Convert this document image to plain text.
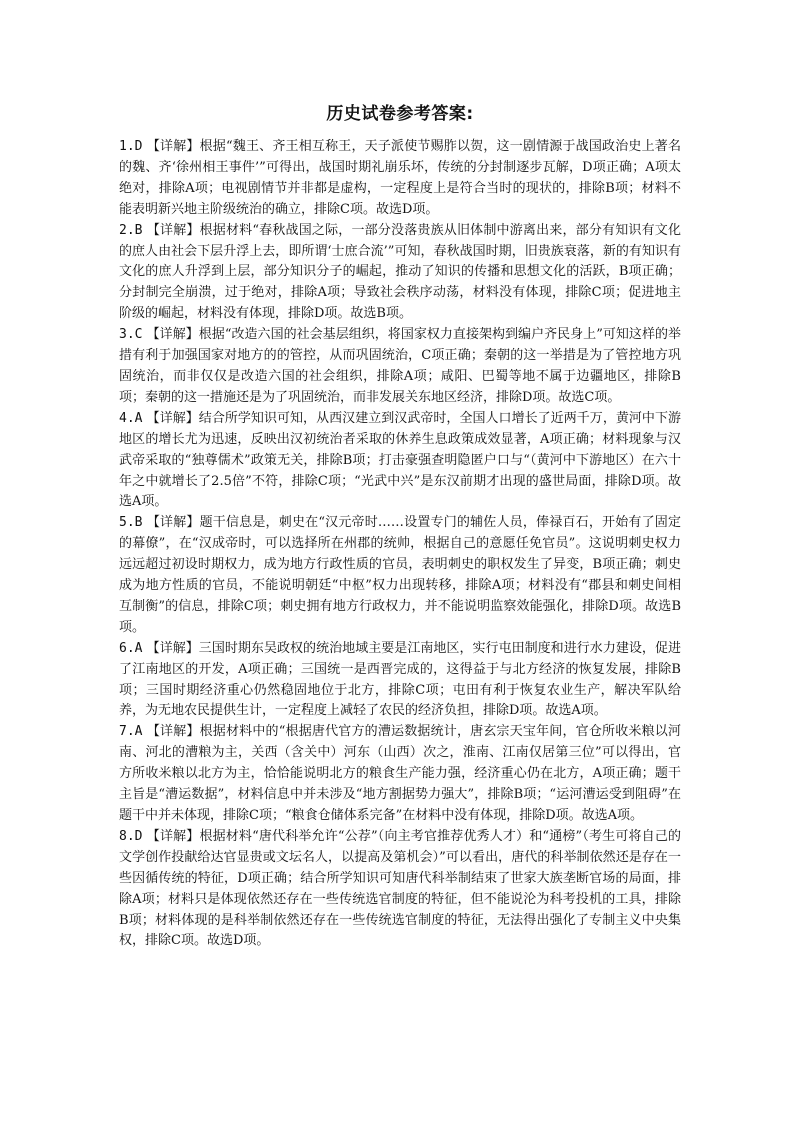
历史试卷参考答案:

1.D 【详解】根据“魏王、齐王相互称王，天子派使节赐胙以贺，这一剧情源于战国政治史上著名的魏、齐‘徐州相王事件’”可得出，战国时期礼崩乐坏，传统的分封制逐步瓦解，D项正确；A项太绝对，排除A项；电视剧情节并非都是虚构，一定程度上是符合当时的现状的，排除B项；材料不能表明新兴地主阶级统治的确立，排除C项。故选D项。

2.B 【详解】根据材料“春秋战国之际，一部分没落贵族从旧体制中游离出来，部分有知识有文化的庶人由社会下层升浮上去，即所谓‘士庶合流’”可知，春秋战国时期，旧贵族衰落，新的有知识有文化的庶人升浮到上层，部分知识分子的崛起，推动了知识的传播和思想文化的活跃，B项正确；分封制完全崩溃，过于绝对，排除A项；导致社会秩序动荡，材料没有体现，排除C项；促进地主阶级的崛起，材料没有体现，排除D项。故选B项。

3.C 【详解】根据“改造六国的社会基层组织，将国家权力直接架构到编户齐民身上”可知这样的举措有利于加强国家对地方的的管控，从而巩固统治，C项正确；秦朝的这一举措是为了管控地方巩固统治，而非仅仅是改造六国的社会组织，排除A项；咸阳、巴蜀等地不属于边疆地区，排除B项；秦朝的这一措施还是为了巩固统治，而非发展关东地区经济，排除D项。故选C项。

4.A 【详解】结合所学知识可知，从西汉建立到汉武帝时，全国人口增长了近两千万，黄河中下游地区的增长尤为迅速，反映出汉初统治者采取的休养生息政策成效显著，A项正确；材料现象与汉武帝采取的“独尊儒术”政策无关，排除B项；打击豪强查明隐匿户口与“（黄河中下游地区）在六十年之中就增长了2.5倍”不符，排除C项；“光武中兴”是东汉前期才出现的盛世局面，排除D项。故选A项。

5.B 【详解】题干信息是，刺史在“汉元帝时……设置专门的辅佐人员，俸禄百石，开始有了固定的幕僚”，在“汉成帝时，可以选择所在州郡的统帅，根据自己的意愿任免官员”。这说明刺史权力远远超过初设时期权力，成为地方行政性质的官员，表明刺史的职权发生了异变，B项正确；刺史成为地方性质的官员，不能说明朝廷“中枢”权力出现转移，排除A项；材料没有“郡县和刺史间相互制衡”的信息，排除C项；刺史拥有地方行政权力，并不能说明监察效能强化，排除D项。故选B项。

6.A 【详解】三国时期东吴政权的统治地域主要是江南地区，实行屯田制度和进行水力建设，促进了江南地区的开发，A项正确；三国统一是西晋完成的，这得益于与北方经济的恢复发展，排除B项；三国时期经济重心仍然稳固地位于北方，排除C项；屯田有利于恢复农业生产，解决军队给养，为无地农民提供生计，一定程度上减轻了农民的经济负担，排除D项。故选A项。

7.A 【详解】根据材料中的“根据唐代官方的漕运数据统计，唐玄宗天宝年间，官仓所收米粮以河南、河北的漕粮为主，关西（含关中）河东（山西）次之，淮南、江南仅居第三位”可以得出，官方所收米粮以北方为主，恰恰能说明北方的粮食生产能力强，经济重心仍在北方，A项正确；题干主旨是“漕运数据”，材料信息中并未涉及“地方割据势力强大”，排除B项；“运河漕运受到阻碍”在题干中并未体现，排除C项；“粮食仓储体系完备”在材料中没有体现，排除D项。故选A项。

8.D 【详解】根据材料“唐代科举允许“公荐”（向主考官推荐优秀人才）和“通榜”（考生可将自己的文学创作投献给达官显贵或文坛名人，以提高及第机会）”可以看出，唐代的科举制依然还是存在一些因循传统的特征，D项正确；结合所学知识可知唐代科举制结束了世家大族垄断官场的局面，排除A项；材料只是体现依然还存在一些传统选官制度的特征，但不能说沦为科考投机的工具，排除B项；材料体现的是科举制依然还存在一些传统选官制度的特征，无法得出强化了专制主义中央集权，排除C项。故选D项。
